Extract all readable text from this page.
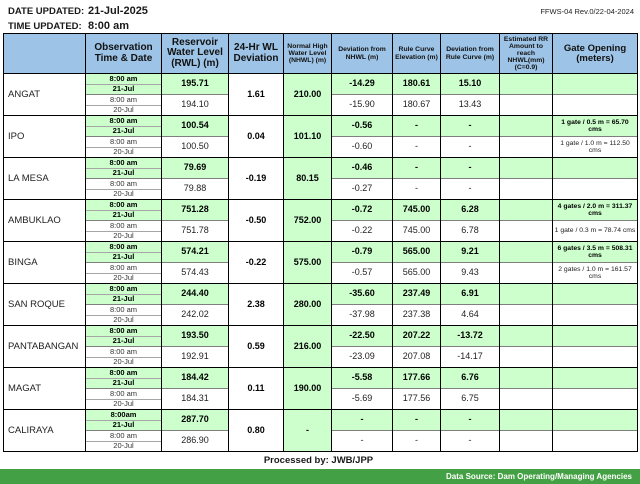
DATE UPDATED: 21-Jul-2025
TIME UPDATED: 8:00 am
FFWS-04 Rev.0/22-04-2024
	Observation Time & Date	Reservoir Water Level (RWL) (m)	24-Hr WL Deviation	Normal High Water Level (NHWL) (m)	Deviation from NHWL (m)	Rule Curve Elevation (m)	Deviation from Rule Curve (m)	Estimated RR Amount to reach NHWL(mm) (C=0.9)	Gate Opening (meters)
ANGAT	8:00 am	195.71	1.61	210.00	-14.29	180.61	15.10		
	21-Jul								
	8:00 am	194.10			-15.90	180.67	13.43		
	20-Jul								
IPO	8:00 am	100.54	0.04	101.10	-0.56	-	-		1 gate / 0.5 m = 65.70 cms
	21-Jul								
	8:00 am	100.50			-0.60	-	-		1 gate / 1.0 m = 112.50 cms
	20-Jul								
LA MESA	8:00 am	79.69	-0.19	80.15	-0.46	-	-		
	21-Jul								
	8:00 am	79.88			-0.27	-	-		
	20-Jul								
AMBUKLAO	8:00 am	751.28	-0.50	752.00	-0.72	745.00	6.28		4 gates / 2.0 m = 311.37 cms
	21-Jul								
	8:00 am	751.78			-0.22	745.00	6.78		1 gate / 0.3 m = 78.74 cms
	20-Jul								
BINGA	8:00 am	574.21	-0.22	575.00	-0.79	565.00	9.21		6 gates / 3.5 m = 508.31 cms
	21-Jul								
	8:00 am	574.43			-0.57	565.00	9.43		2 gates / 1.0 m = 161.57 cms
	20-Jul								
SAN ROQUE	8:00 am	244.40	2.38	280.00	-35.60	237.49	6.91		
	21-Jul								
	8:00 am	242.02			-37.98	237.38	4.64		
	20-Jul								
PANTABANGAN	8:00 am	193.50	0.59	216.00	-22.50	207.22	-13.72		
	21-Jul								
	8:00 am	192.91			-23.09	207.08	-14.17		
	20-Jul								
MAGAT	8:00 am	184.42	0.11	190.00	-5.58	177.66	6.76		
	21-Jul								
	8:00 am	184.31			-5.69	177.56	6.75		
	20-Jul								
CALIRAYA	8:00am	287.70	0.80	-	-	-	-		
	21-Jul								
	8:00 am	286.90			-	-	-		
	20-Jul								
Processed by: JWB/JPP
Data Source: Dam Operating/Managing Agencies
